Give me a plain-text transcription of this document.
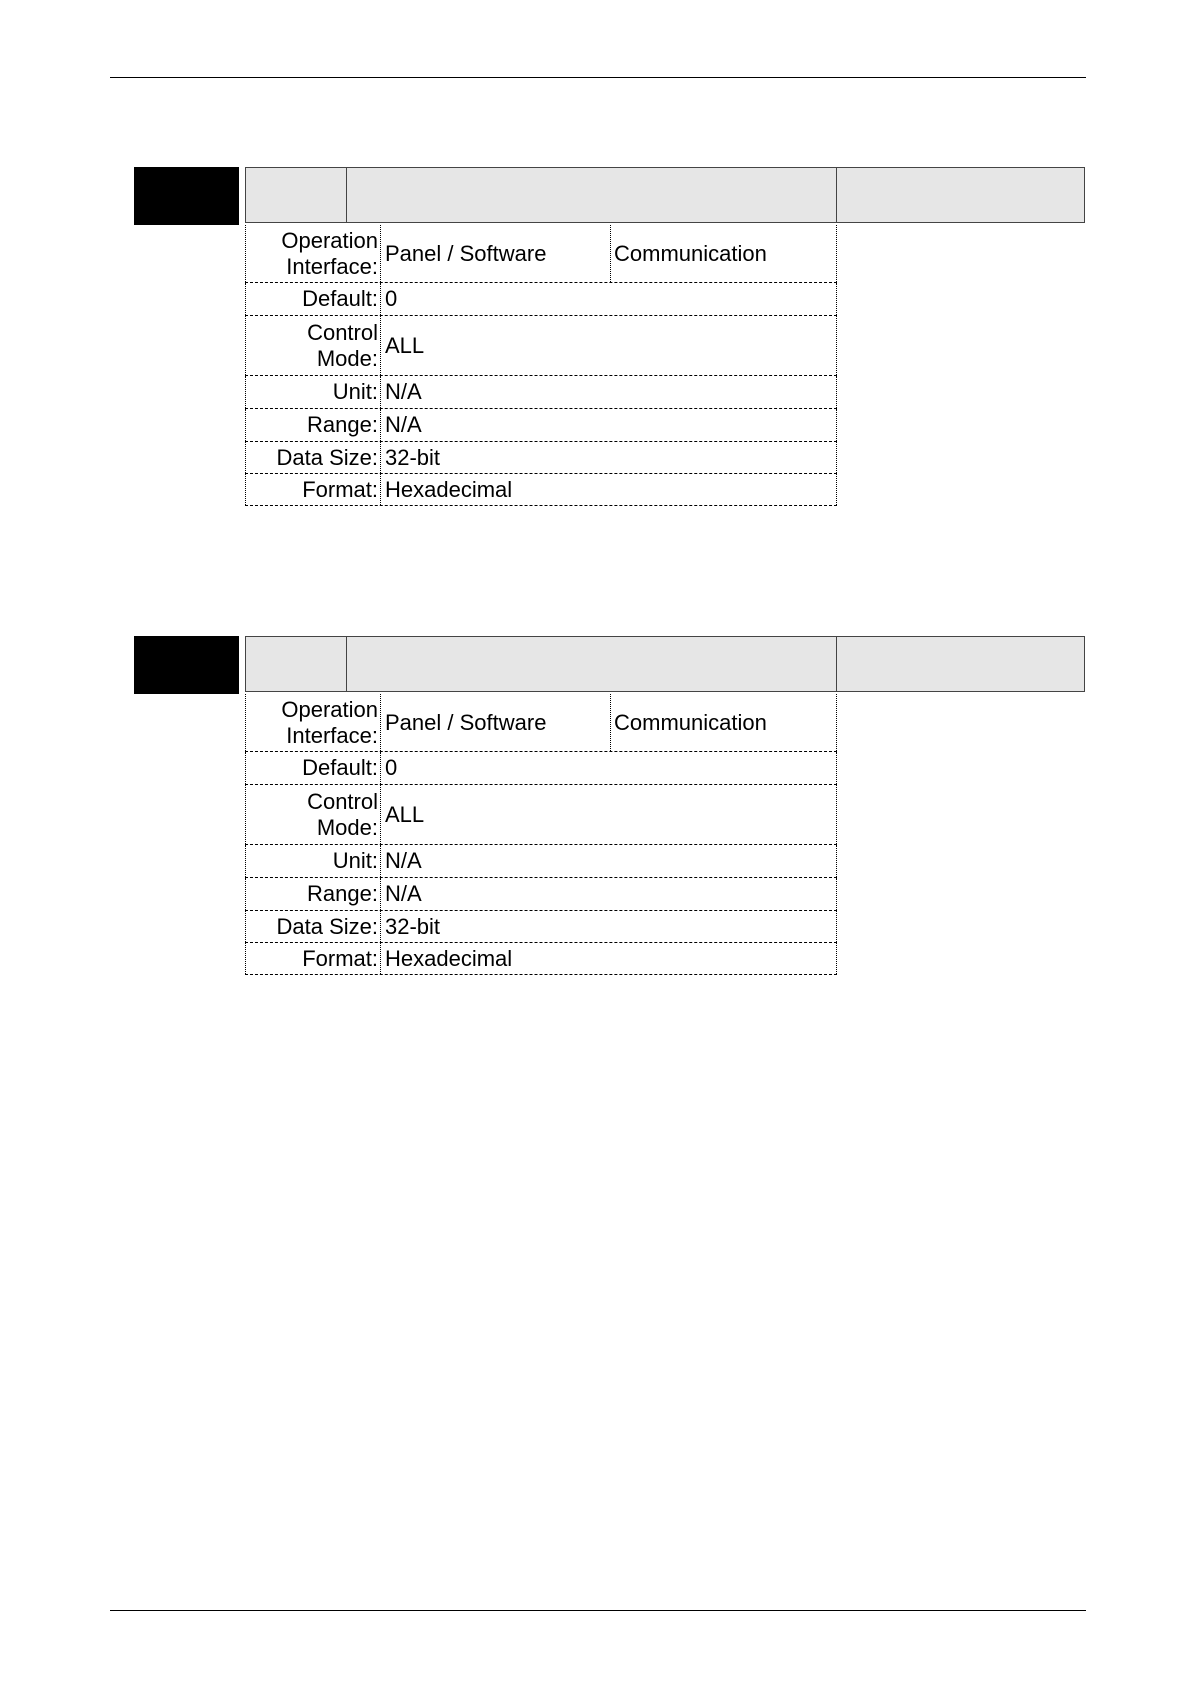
Operation
Interface:
Panel / Software	Communication
Default: 0
Control
Mode:
ALL
Unit: N/A
Range: N/A
Data Size: 32-bit
Format: Hexadecimal
Operation
Interface:
Panel / Software	Communication
Default: 0
Control
Mode:
ALL
Unit: N/A
Range: N/A
Data Size: 32-bit
Format: Hexadecimal
